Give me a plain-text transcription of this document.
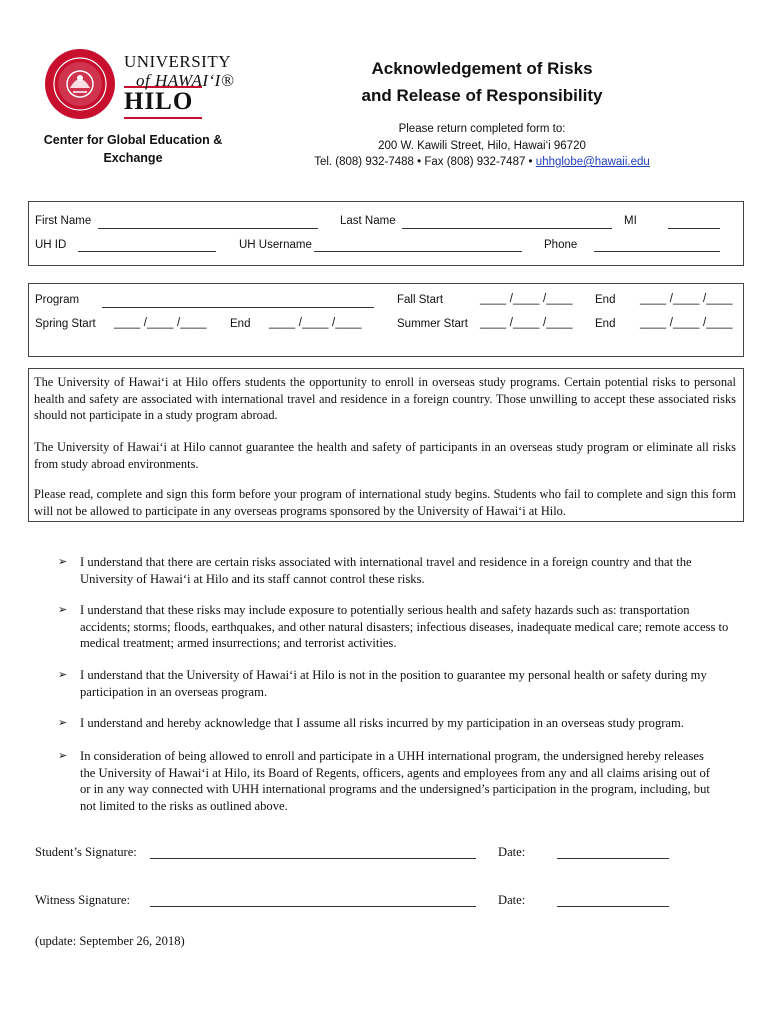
UNIVERSITY
of HAWAI‘I®
HILO
Center for Global Education & Exchange
Acknowledgement of Risks
and Release of Responsibility
Please return completed form to:
200 W. Kawili Street, Hilo, Hawai‘i 96720
Tel. (808) 932-7488 • Fax (808) 932-7487 • uhhglobe@hawaii.edu
First Name	Last Name	MI
UH ID	UH Username	Phone
Program	Fall Start	____ /____ /____ End ____ /____ /____
Spring Start ____ /____ /____ End ____ /____ /____	Summer Start ____ /____ /____ End ____ /____ /____
The University of Hawai‘i at Hilo offers students the opportunity to enroll in overseas study programs. Certain potential risks to personal health and safety are associated with international travel and residence in a foreign country. Those unwilling to accept these associated risks should not participate in a study program abroad.
The University of Hawai‘i at Hilo cannot guarantee the health and safety of participants in an overseas study program or eliminate all risks from study abroad environments.
Please read, complete and sign this form before your program of international study begins. Students who fail to complete and sign this form will not be allowed to participate in any overseas programs sponsored by the University of Hawai‘i at Hilo.
➢ I understand that there are certain risks associated with international travel and residence in a foreign country and that the University of Hawai‘i at Hilo and its staff cannot control these risks.
➢ I understand that these risks may include exposure to potentially serious health and safety hazards such as: transportation accidents; storms; floods, earthquakes, and other natural disasters; infectious diseases, inadequate medical care; remote access to medical treatment; armed insurrections; and terrorist activities.
➢ I understand that the University of Hawai‘i at Hilo is not in the position to guarantee my personal health or safety during my participation in an overseas program.
➢ I understand and hereby acknowledge that I assume all risks incurred by my participation in an overseas study program.
➢ In consideration of being allowed to enroll and participate in a UHH international program, the undersigned hereby releases the University of Hawai‘i at Hilo, its Board of Regents, officers, agents and employees from any and all claims arising out of or in any way connected with UHH international programs and the undersigned’s participation in the program, including, but not limited to the risks as outlined above.
Student’s Signature:	Date:
Witness Signature:	Date:
(update: September 26, 2018)
